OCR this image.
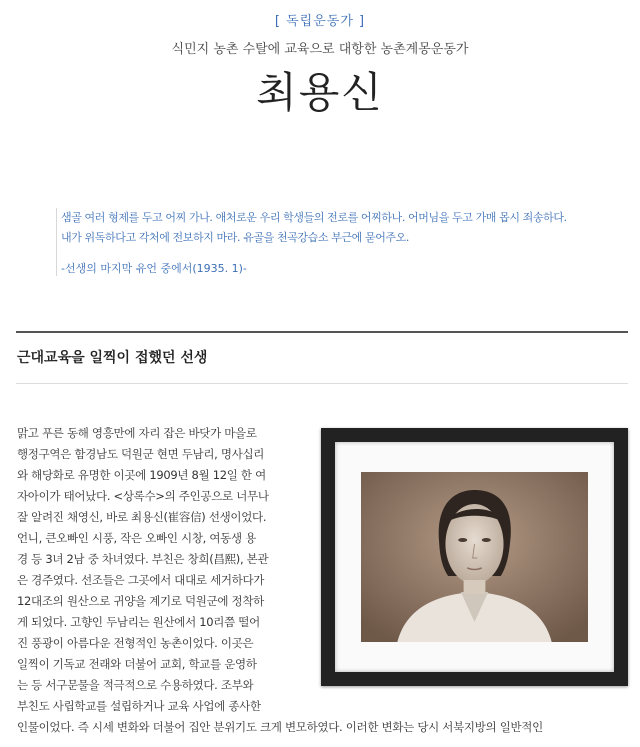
[ 독립운동가 ]
식민지 농촌 수탈에 교육으로 대항한 농촌계몽운동가
최용신
샘골 여러 형제를 두고 어찌 가나. 애처로운 우리 학생들의 전로를 어찌하나. 어머님을 두고 가매 몹시 죄송하다.
내가 위독하다고 각처에 전보하지 마라. 유골을 천곡강습소 부근에 묻어주오.
-선생의 마지막 유언 중에서(1935. 1)-
근대교육을 일찍이 접했던 선생
맑고 푸른 동해 영흥만에 자리 잡은 바닷가 마을로
행정구역은 함경남도 덕원군 현면 두남리, 명사십리
와 해당화로 유명한 이곳에 1909년 8월 12일 한 여
자아이가 태어났다. <상록수>의 주인공으로 너무나
잘 알려진 채영신, 바로 최용신(崔容信) 선생이었다.
언니, 큰오빠인 시풍, 작은 오빠인 시창, 여동생 용
경 등 3녀 2남 중 차녀였다. 부친은 창희(昌熙), 본관
은 경주였다. 선조들은 그곳에서 대대로 세거하다가
12대조의 원산으로 귀양을 계기로 덕원군에 정착하
게 되었다. 고향인 두남리는 원산에서 10리쯤 떨어
진 풍광이 아름다운 전형적인 농촌이었다. 이곳은
일찍이 기독교 전래와 더불어 교회, 학교를 운영하
는 등 서구문물을 적극적으로 수용하였다. 조부와
부친도 사립학교를 설립하거나 교육 사업에 종사한
인물이었다. 즉 시세 변화와 더불어 집안 분위기도 크게 변모하였다. 이러한 변화는 당시 서북지방의 일반적인
